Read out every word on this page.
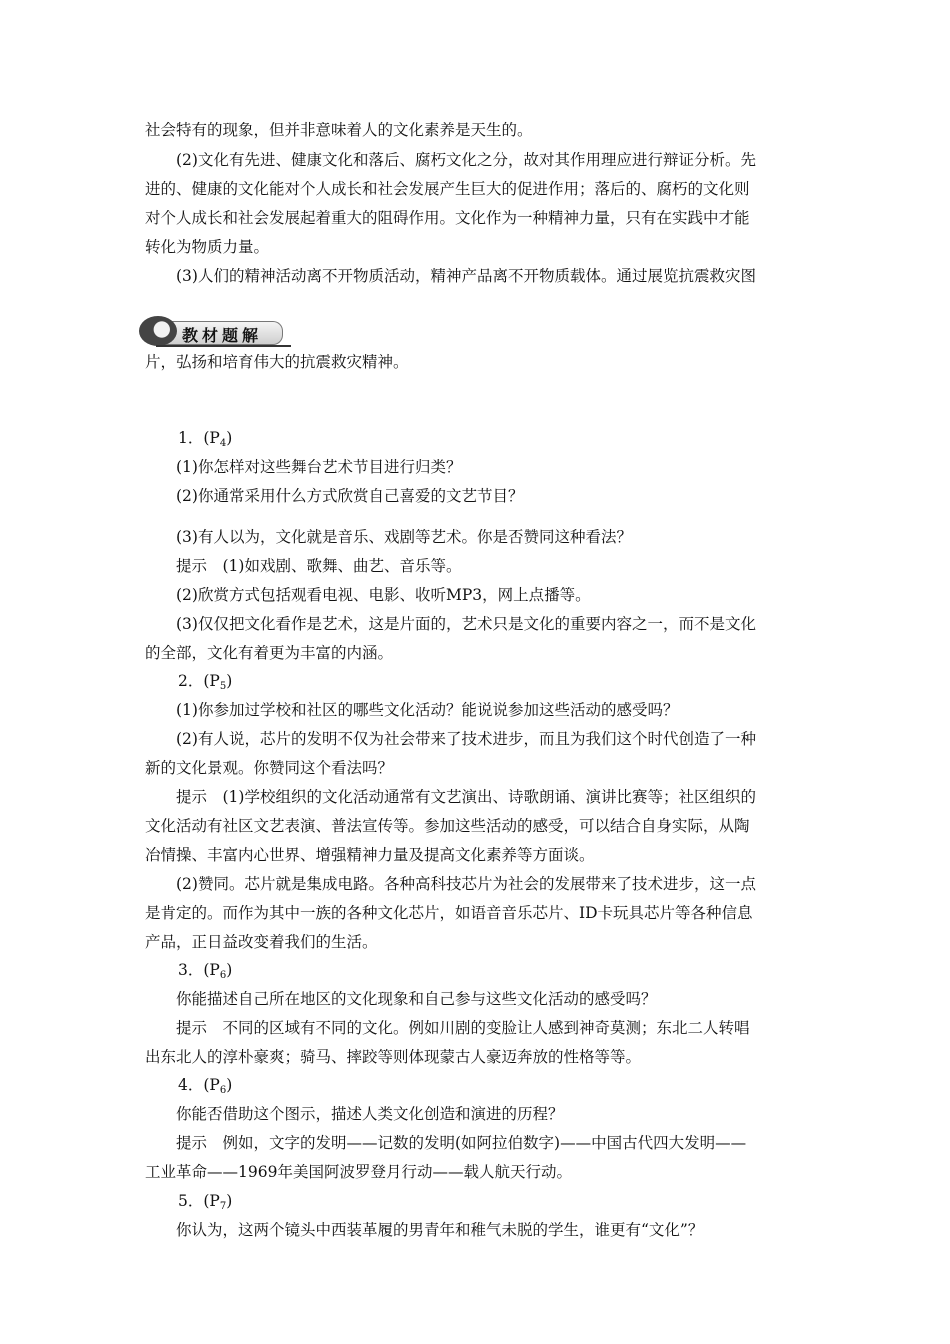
社会特有的现象，但并非意味着人的文化素养是天生的。
(2)文化有先进、健康文化和落后、腐朽文化之分，故对其作用理应进行辩证分析。先
进的、健康的文化能对个人成长和社会发展产生巨大的促进作用；落后的、腐朽的文化则
对个人成长和社会发展起着重大的阻碍作用。文化作为一种精神力量，只有在实践中才能
转化为物质力量。
(3)人们的精神活动离不开物质活动，精神产品离不开物质载体。通过展览抗震救灾图
教材题解
片，弘扬和培育伟大的抗震救灾精神。
1．$(P_4)$
(1)你怎样对这些舞台艺术节目进行归类？
(2)你通常采用什么方式欣赏自己喜爱的文艺节目？
(3)有人以为，文化就是音乐、戏剧等艺术。你是否赞同这种看法？
提示　(1)如戏剧、歌舞、曲艺、音乐等。
(2)欣赏方式包括观看电视、电影、收听MP3，网上点播等。
(3)仅仅把文化看作是艺术，这是片面的，艺术只是文化的重要内容之一，而不是文化
的全部，文化有着更为丰富的内涵。
2．$(P_5)$
(1)你参加过学校和社区的哪些文化活动？能说说参加这些活动的感受吗？
(2)有人说，芯片的发明不仅为社会带来了技术进步，而且为我们这个时代创造了一种
新的文化景观。你赞同这个看法吗？
提示　(1)学校组织的文化活动通常有文艺演出、诗歌朗诵、演讲比赛等；社区组织的
文化活动有社区文艺表演、普法宣传等。参加这些活动的感受，可以结合自身实际，从陶
冶情操、丰富内心世界、增强精神力量及提高文化素养等方面谈。
(2)赞同。芯片就是集成电路。各种高科技芯片为社会的发展带来了技术进步，这一点
是肯定的。而作为其中一族的各种文化芯片，如语音音乐芯片、ID卡玩具芯片等各种信息
产品，正日益改变着我们的生活。
3．$(P_6)$
你能描述自己所在地区的文化现象和自己参与这些文化活动的感受吗？
提示　不同的区域有不同的文化。例如川剧的变脸让人感到神奇莫测；东北二人转唱
出东北人的淳朴豪爽；骑马、摔跤等则体现蒙古人豪迈奔放的性格等等。
4．$(P_6)$
你能否借助这个图示，描述人类文化创造和演进的历程？
提示　例如，文字的发明——记数的发明(如阿拉伯数字)——中国古代四大发明——
工业革命——1969年美国阿波罗登月行动——载人航天行动。
5．$(P_7)$
你认为，这两个镜头中西装革履的男青年和稚气未脱的学生，谁更有“文化”？
